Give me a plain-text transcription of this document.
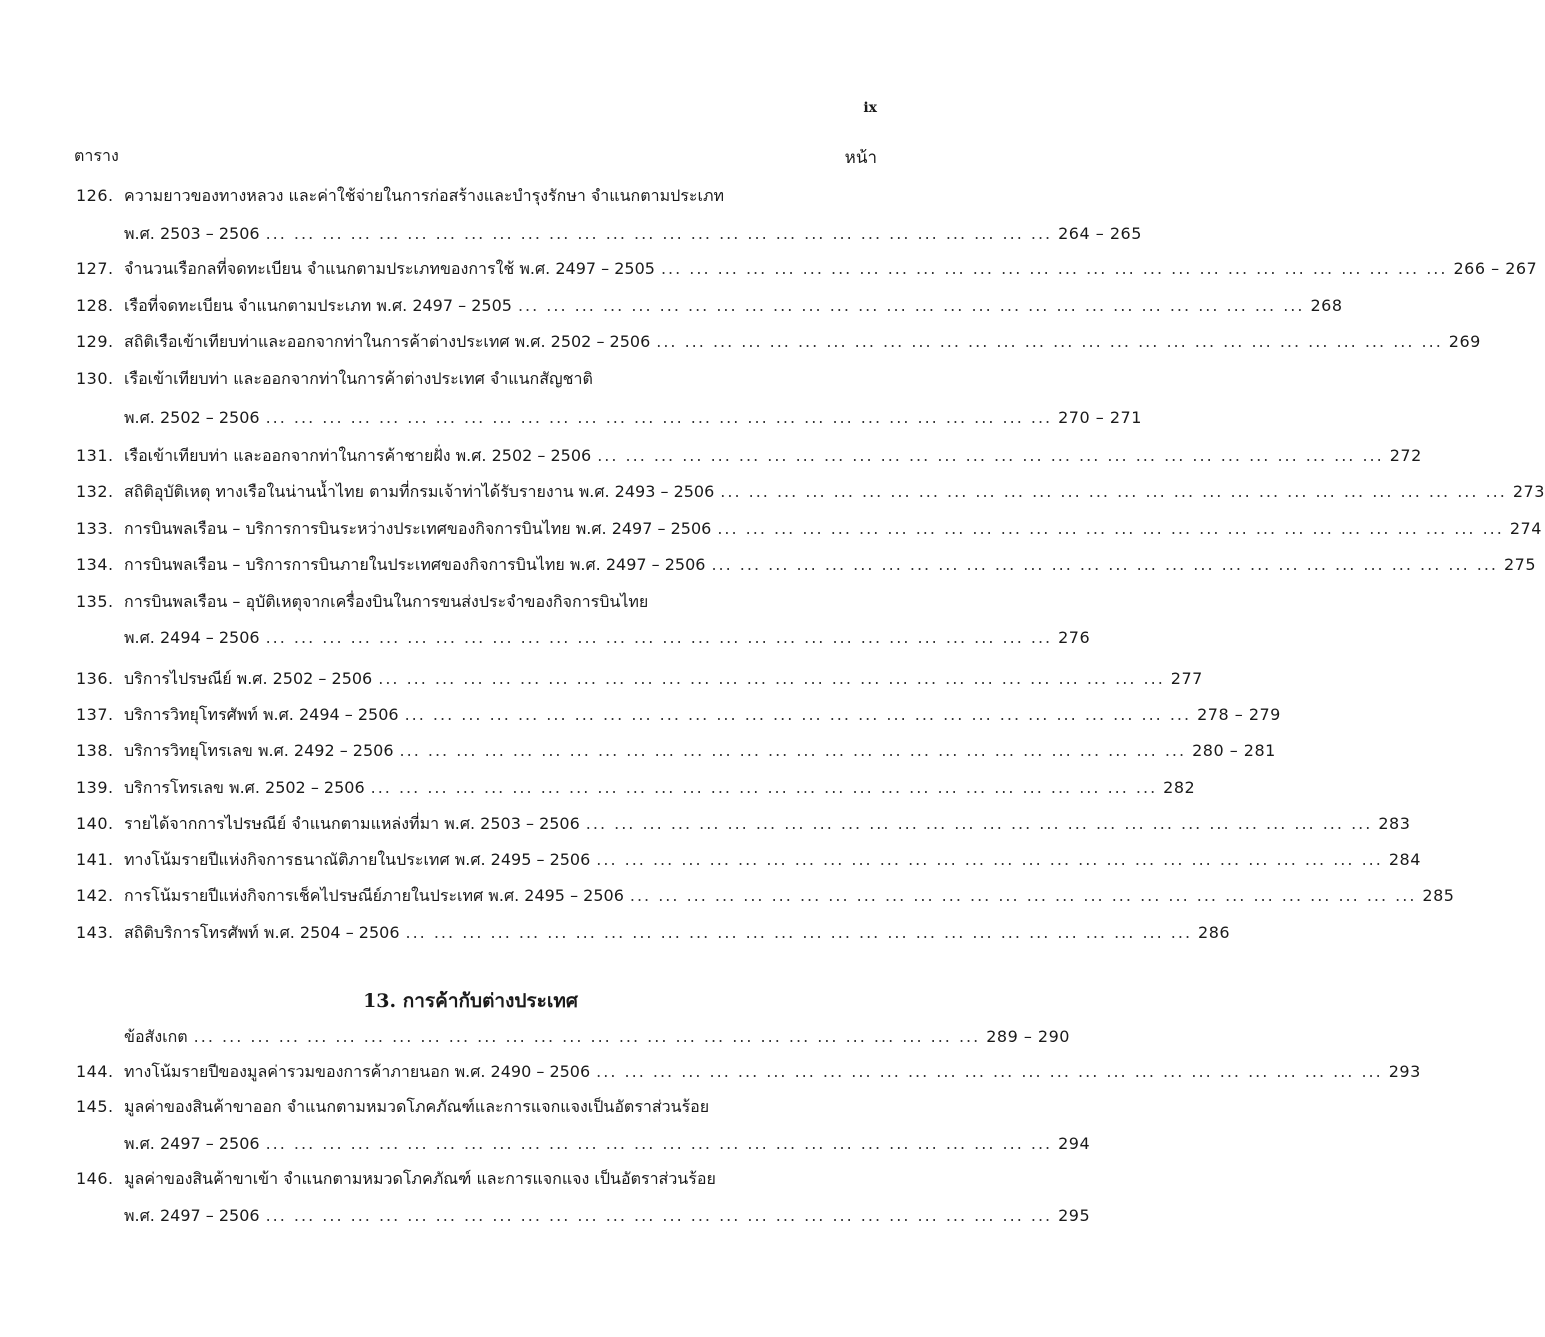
ix
ตาราง	หน้า
126. ความยาวของทางหลวง และค่าใช้จ่ายในการก่อสร้างและบำรุงรักษา จำแนกตามประเภท
พ.ศ. 2503 – 2506 ... ... ... ... ... ... ... ... ... ... ... ... ... ... ... ... ... ... ... ... ... ... ... ... ... ... ... ... 264 – 265
127. จำนวนเรือกลที่จดทะเบียน จำแนกตามประเภทของการใช้ พ.ศ. 2497 – 2505 ... ... ... ... ... ... ... ... ... ... ... ... ... ... ... ... ... ... ... ... ... ... ... ... ... ... ... ... 266 – 267
128. เรือที่จดทะเบียน จำแนกตามประเภท พ.ศ. 2497 – 2505 ... ... ... ... ... ... ... ... ... ... ... ... ... ... ... ... ... ... ... ... ... ... ... ... ... ... ... ... 268
129. สถิติเรือเข้าเทียบท่าและออกจากท่าในการค้าต่างประเทศ พ.ศ. 2502 – 2506 ... ... ... ... ... ... ... ... ... ... ... ... ... ... ... ... ... ... ... ... ... ... ... ... ... ... ... ... 269
130. เรือเข้าเทียบท่า และออกจากท่าในการค้าต่างประเทศ จำแนกสัญชาติ
พ.ศ. 2502 – 2506 ... ... ... ... ... ... ... ... ... ... ... ... ... ... ... ... ... ... ... ... ... ... ... ... ... ... ... ... 270 – 271
131. เรือเข้าเทียบท่า และออกจากท่าในการค้าชายฝั่ง พ.ศ. 2502 – 2506 ... ... ... ... ... ... ... ... ... ... ... ... ... ... ... ... ... ... ... ... ... ... ... ... ... ... ... ... 272
132. สถิติอุบัติเหตุ ทางเรือในน่านน้ำไทย ตามที่กรมเจ้าท่าได้รับรายงาน พ.ศ. 2493 – 2506 ... ... ... ... ... ... ... ... ... ... ... ... ... ... ... ... ... ... ... ... ... ... ... ... ... ... ... ... 273
133. การบินพลเรือน – บริการการบินระหว่างประเทศของกิจการบินไทย พ.ศ. 2497 – 2506 ... ... ... ... ... ... ... ... ... ... ... ... ... ... ... ... ... ... ... ... ... ... ... ... ... ... ... ... 274
134. การบินพลเรือน – บริการการบินภายในประเทศของกิจการบินไทย พ.ศ. 2497 – 2506 ... ... ... ... ... ... ... ... ... ... ... ... ... ... ... ... ... ... ... ... ... ... ... ... ... ... ... ... 275
135. การบินพลเรือน – อุบัติเหตุจากเครื่องบินในการขนส่งประจำของกิจการบินไทย
พ.ศ. 2494 – 2506 ... ... ... ... ... ... ... ... ... ... ... ... ... ... ... ... ... ... ... ... ... ... ... ... ... ... ... ... 276
136. บริการไปรษณีย์ พ.ศ. 2502 – 2506 ... ... ... ... ... ... ... ... ... ... ... ... ... ... ... ... ... ... ... ... ... ... ... ... ... ... ... ... 277
137. บริการวิทยุโทรศัพท์ พ.ศ. 2494 – 2506 ... ... ... ... ... ... ... ... ... ... ... ... ... ... ... ... ... ... ... ... ... ... ... ... ... ... ... ... 278 – 279
138. บริการวิทยุโทรเลข พ.ศ. 2492 – 2506 ... ... ... ... ... ... ... ... ... ... ... ... ... ... ... ... ... ... ... ... ... ... ... ... ... ... ... ... 280 – 281
139. บริการโทรเลข พ.ศ. 2502 – 2506 ... ... ... ... ... ... ... ... ... ... ... ... ... ... ... ... ... ... ... ... ... ... ... ... ... ... ... ... 282
140. รายได้จากการไปรษณีย์ จำแนกตามแหล่งที่มา พ.ศ. 2503 – 2506 ... ... ... ... ... ... ... ... ... ... ... ... ... ... ... ... ... ... ... ... ... ... ... ... ... ... ... ... 283
141. ทางโน้มรายปีแห่งกิจการธนาณัติภายในประเทศ พ.ศ. 2495 – 2506 ... ... ... ... ... ... ... ... ... ... ... ... ... ... ... ... ... ... ... ... ... ... ... ... ... ... ... ... 284
142. การโน้มรายปีแห่งกิจการเช็คไปรษณีย์ภายในประเทศ พ.ศ. 2495 – 2506 ... ... ... ... ... ... ... ... ... ... ... ... ... ... ... ... ... ... ... ... ... ... ... ... ... ... ... ... 285
143. สถิติบริการโทรศัพท์ พ.ศ. 2504 – 2506 ... ... ... ... ... ... ... ... ... ... ... ... ... ... ... ... ... ... ... ... ... ... ... ... ... ... ... ... 286
ข้อสังเกต ... ... ... ... ... ... ... ... ... ... ... ... ... ... ... ... ... ... ... ... ... ... ... ... ... ... ... ... 289 – 290
144. ทางโน้มรายปีของมูลค่ารวมของการค้าภายนอก พ.ศ. 2490 – 2506 ... ... ... ... ... ... ... ... ... ... ... ... ... ... ... ... ... ... ... ... ... ... ... ... ... ... ... ... 293
145. มูลค่าของสินค้าขาออก จำแนกตามหมวดโภคภัณฑ์และการแจกแจงเป็นอัตราส่วนร้อย
พ.ศ. 2497 – 2506 ... ... ... ... ... ... ... ... ... ... ... ... ... ... ... ... ... ... ... ... ... ... ... ... ... ... ... ... 294
146. มูลค่าของสินค้าขาเข้า จำแนกตามหมวดโภคภัณฑ์ และการแจกแจง เป็นอัตราส่วนร้อย
พ.ศ. 2497 – 2506 ... ... ... ... ... ... ... ... ... ... ... ... ... ... ... ... ... ... ... ... ... ... ... ... ... ... ... ... 295
13. การค้ากับต่างประเทศ
